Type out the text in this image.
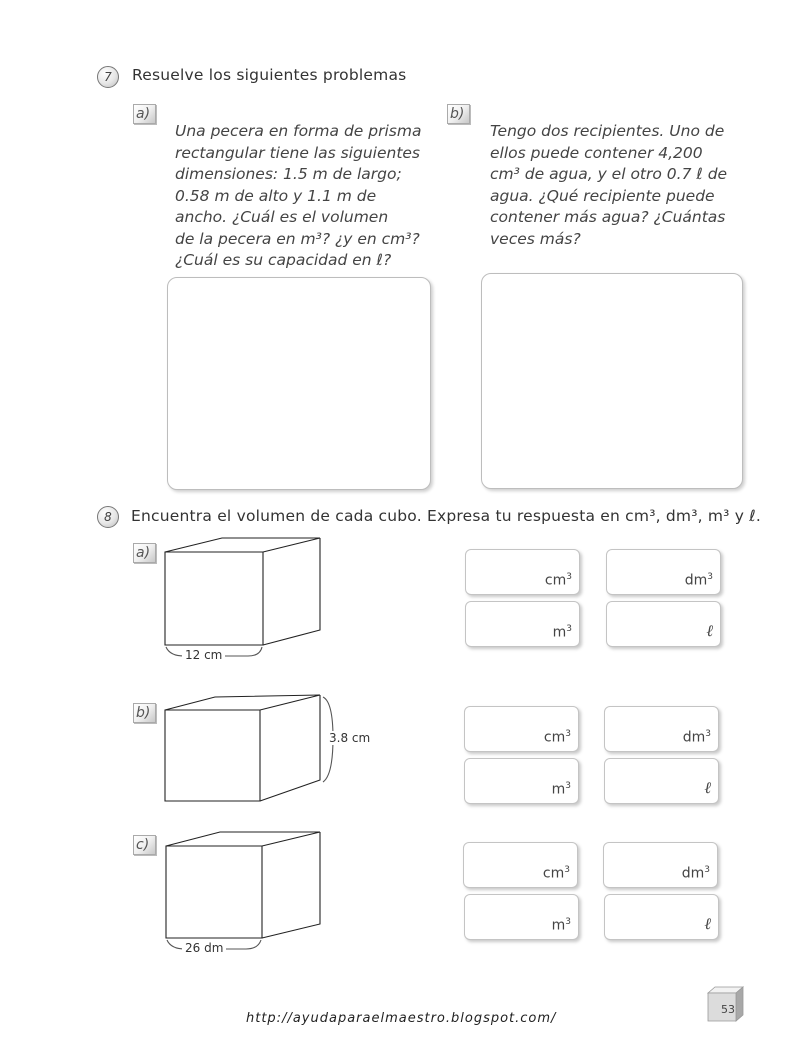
7	Resuelve los siguientes problemas
a)
Una pecera en forma de prisma
rectangular tiene las siguientes
dimensiones: 1.5 m de largo;
0.58 m de alto y 1.1 m de
ancho. ¿Cuál es el volumen
de la pecera en m³? ¿y en cm³?
¿Cuál es su capacidad en ℓ?
b)
Tengo dos recipientes. Uno de
ellos puede contener 4,200
cm³ de agua, y el otro 0.7 ℓ de
agua. ¿Qué recipiente puede
contener más agua? ¿Cuántas
veces más?
8	Encuentra el volumen de cada cubo. Expresa tu respuesta en cm³, dm³, m³ y ℓ.
a)
12 cm
b)
3.8 cm
c)
26 dm
$cm^3$	$dm^3$
$m^3$	ℓ
$cm^3$	$dm^3$
$m^3$	ℓ
$cm^3$	$dm^3$
$m^3$	ℓ
http://ayudaparaelmaestro.blogspot.com/
53
